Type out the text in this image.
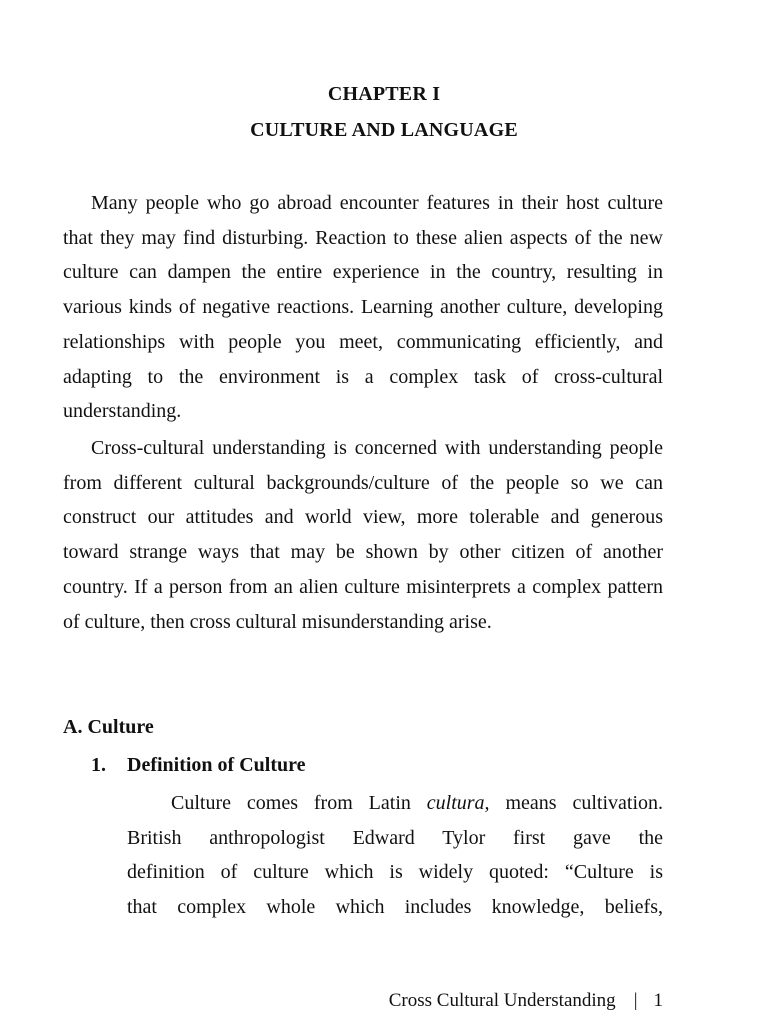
CHAPTER I
CULTURE AND LANGUAGE

Many people who go abroad encounter features in their host culture that they may find disturbing. Reaction to these alien aspects of the new culture can dampen the entire experience in the country, resulting in various kinds of negative reactions. Learning another culture, developing relationships with people you meet, communicating efficiently, and adapting to the environment is a complex task of cross-cultural understanding.

Cross-cultural understanding is concerned with understanding people from different cultural backgrounds/culture of the people so we can construct our attitudes and world view, more tolerable and generous toward strange ways that may be shown by other citizen of another country. If a person from an alien culture misinterprets a complex pattern of culture, then cross cultural misunderstanding arise.

A. Culture
1. Definition of Culture
Culture comes from Latin cultura, means cultivation.
British anthropologist Edward Tylor first gave the
definition of culture which is widely quoted: “Culture is
that complex whole which includes knowledge, beliefs,
Cross Cultural Understanding | 1
